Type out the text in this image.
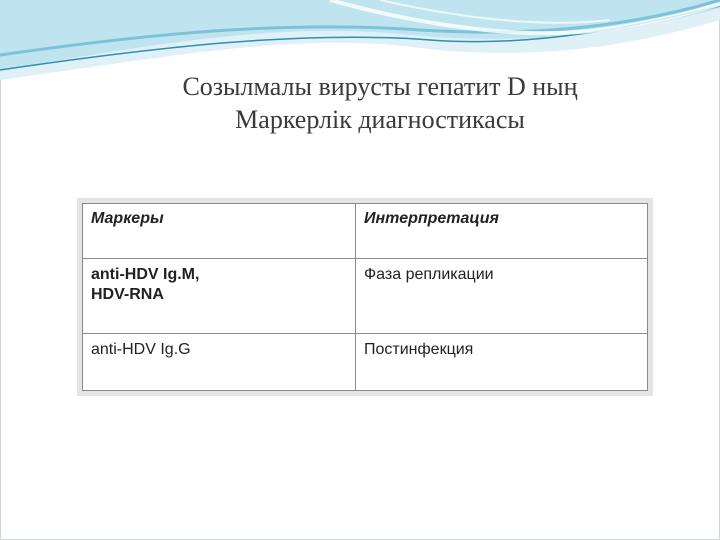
Созылмалы вирусты гепатит D ның
Маркерлік диагностикасы
Маркеры	Интерпретация

anti-HDV Ig.M,
HDV-RNA	Фаза репликации

anti-HDV Ig.G	Постинфекция
